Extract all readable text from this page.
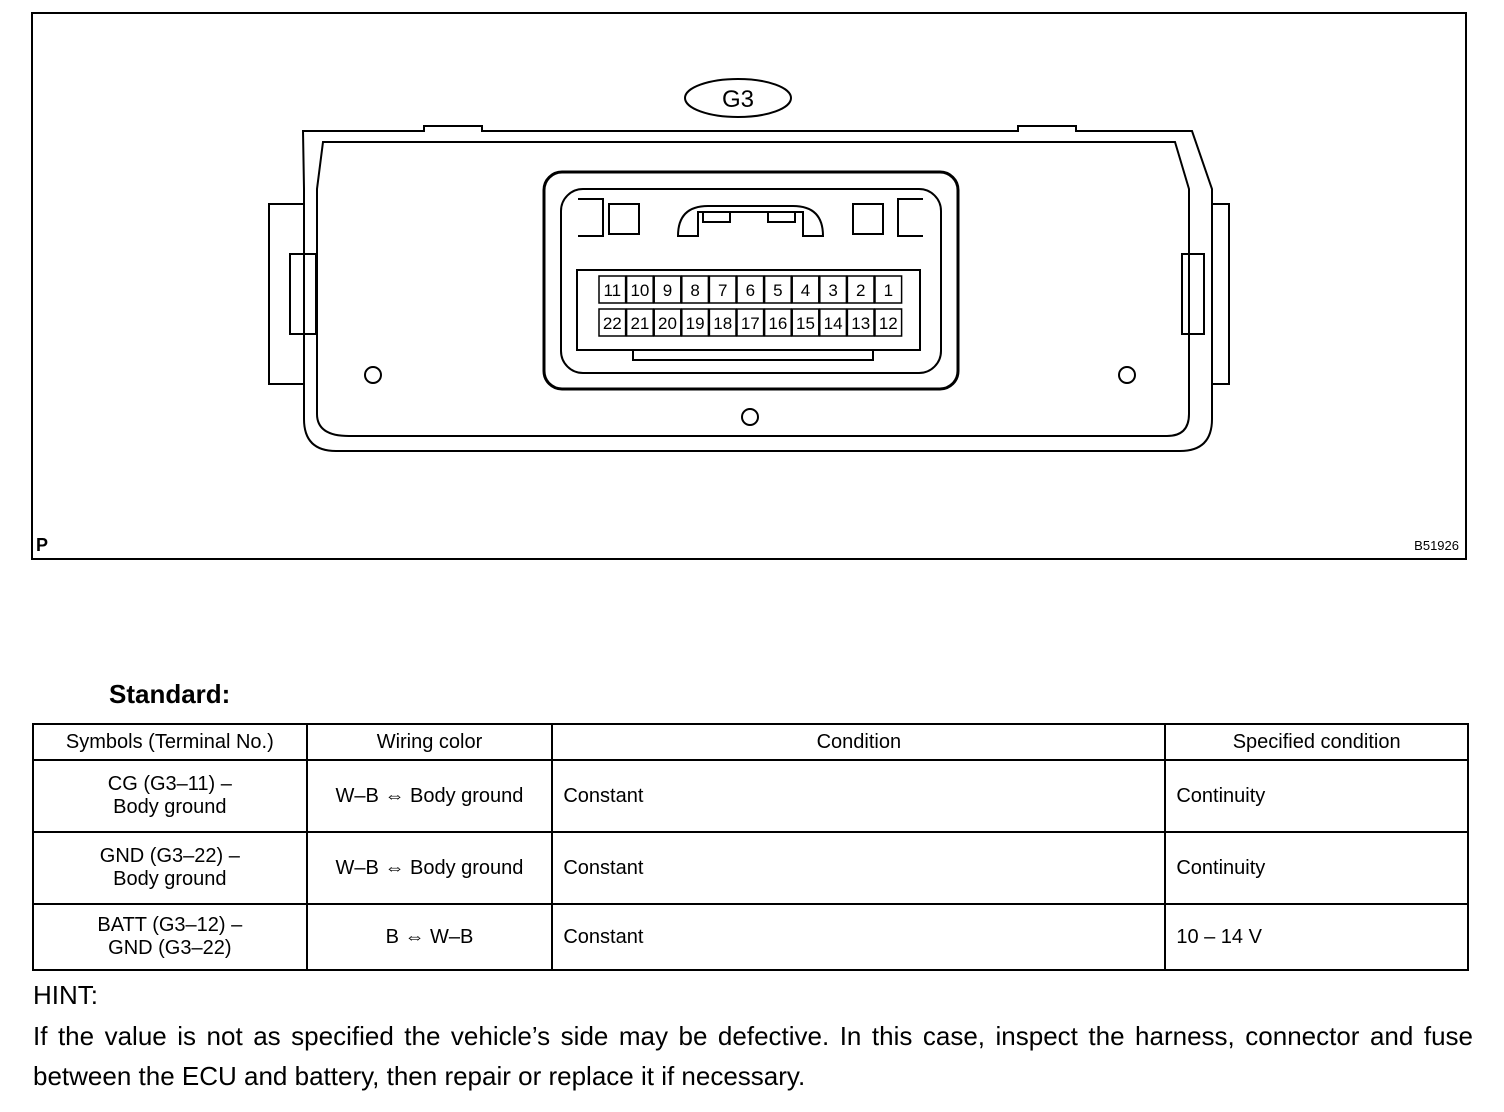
11 10 9 8 7 6 5 4 3 2 1
22 21 20 19 18 17 16 15 14 13 12
G3
P	B51926
Standard:
Symbols (Terminal No.)	Wiring color	Condition	Specified condition

CG (G3–11) –
Body ground	W–B ⇔ Body ground	Constant	Continuity

GND (G3–22) –
Body ground	W–B ⇔ Body ground	Constant	Continuity

BATT (G3–12) –
GND (G3–22)	B ⇔ W–B	Constant	10 – 14 V
HINT:
If the value is not as specified the vehicle’s side may be defective. In this case, inspect the harness, connector and fuse between the ECU and battery, then repair or replace it if necessary.
